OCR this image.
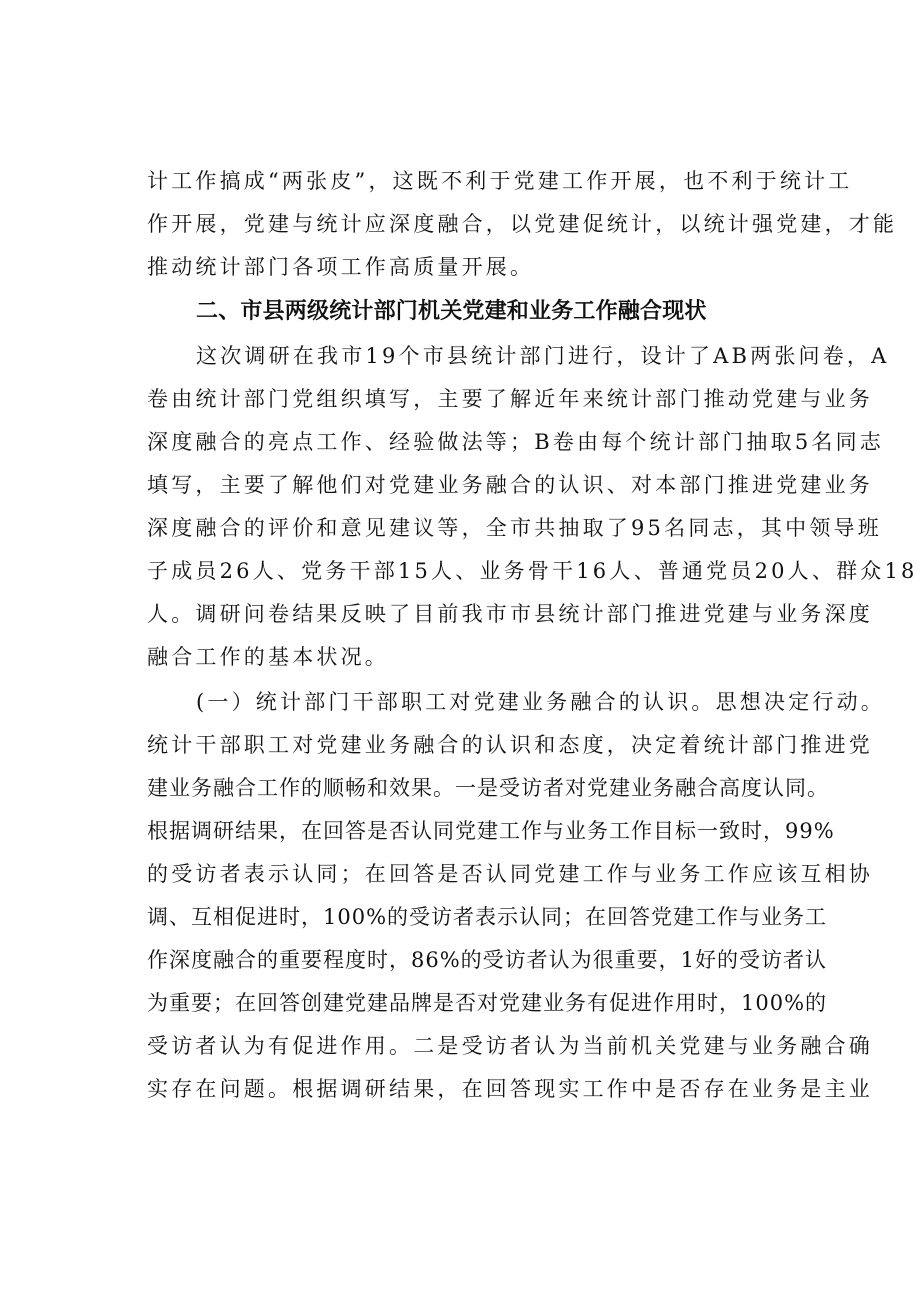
计工作搞成“两张皮”，这既不利于党建工作开展，也不利于统计工

作开展，党建与统计应深度融合，以党建促统计，以统计强党建，才能

推动统计部门各项工作高质量开展。

二、市县两级统计部门机关党建和业务工作融合现状

这次调研在我市19个市县统计部门进行，设计了AB两张问卷，A

卷由统计部门党组织填写，主要了解近年来统计部门推动党建与业务

深度融合的亮点工作、经验做法等；B卷由每个统计部门抽取5名同志

填写，主要了解他们对党建业务融合的认识、对本部门推进党建业务

深度融合的评价和意见建议等，全市共抽取了95名同志，其中领导班

子成员26人、党务干部15人、业务骨干16人、普通党员20人、群众18

人。调研问卷结果反映了目前我市市县统计部门推进党建与业务深度

融合工作的基本状况。

(一）统计部门干部职工对党建业务融合的认识。思想决定行动。

统计干部职工对党建业务融合的认识和态度，决定着统计部门推进党

建业务融合工作的顺畅和效果。一是受访者对党建业务融合高度认同。

根据调研结果，在回答是否认同党建工作与业务工作目标一致时，99%

的受访者表示认同；在回答是否认同党建工作与业务工作应该互相协

调、互相促进时，100%的受访者表示认同；在回答党建工作与业务工

作深度融合的重要程度时，86%的受访者认为很重要，1好的受访者认

为重要；在回答创建党建品牌是否对党建业务有促进作用时，100%的

受访者认为有促进作用。二是受访者认为当前机关党建与业务融合确

实存在问题。根据调研结果，在回答现实工作中是否存在业务是主业
